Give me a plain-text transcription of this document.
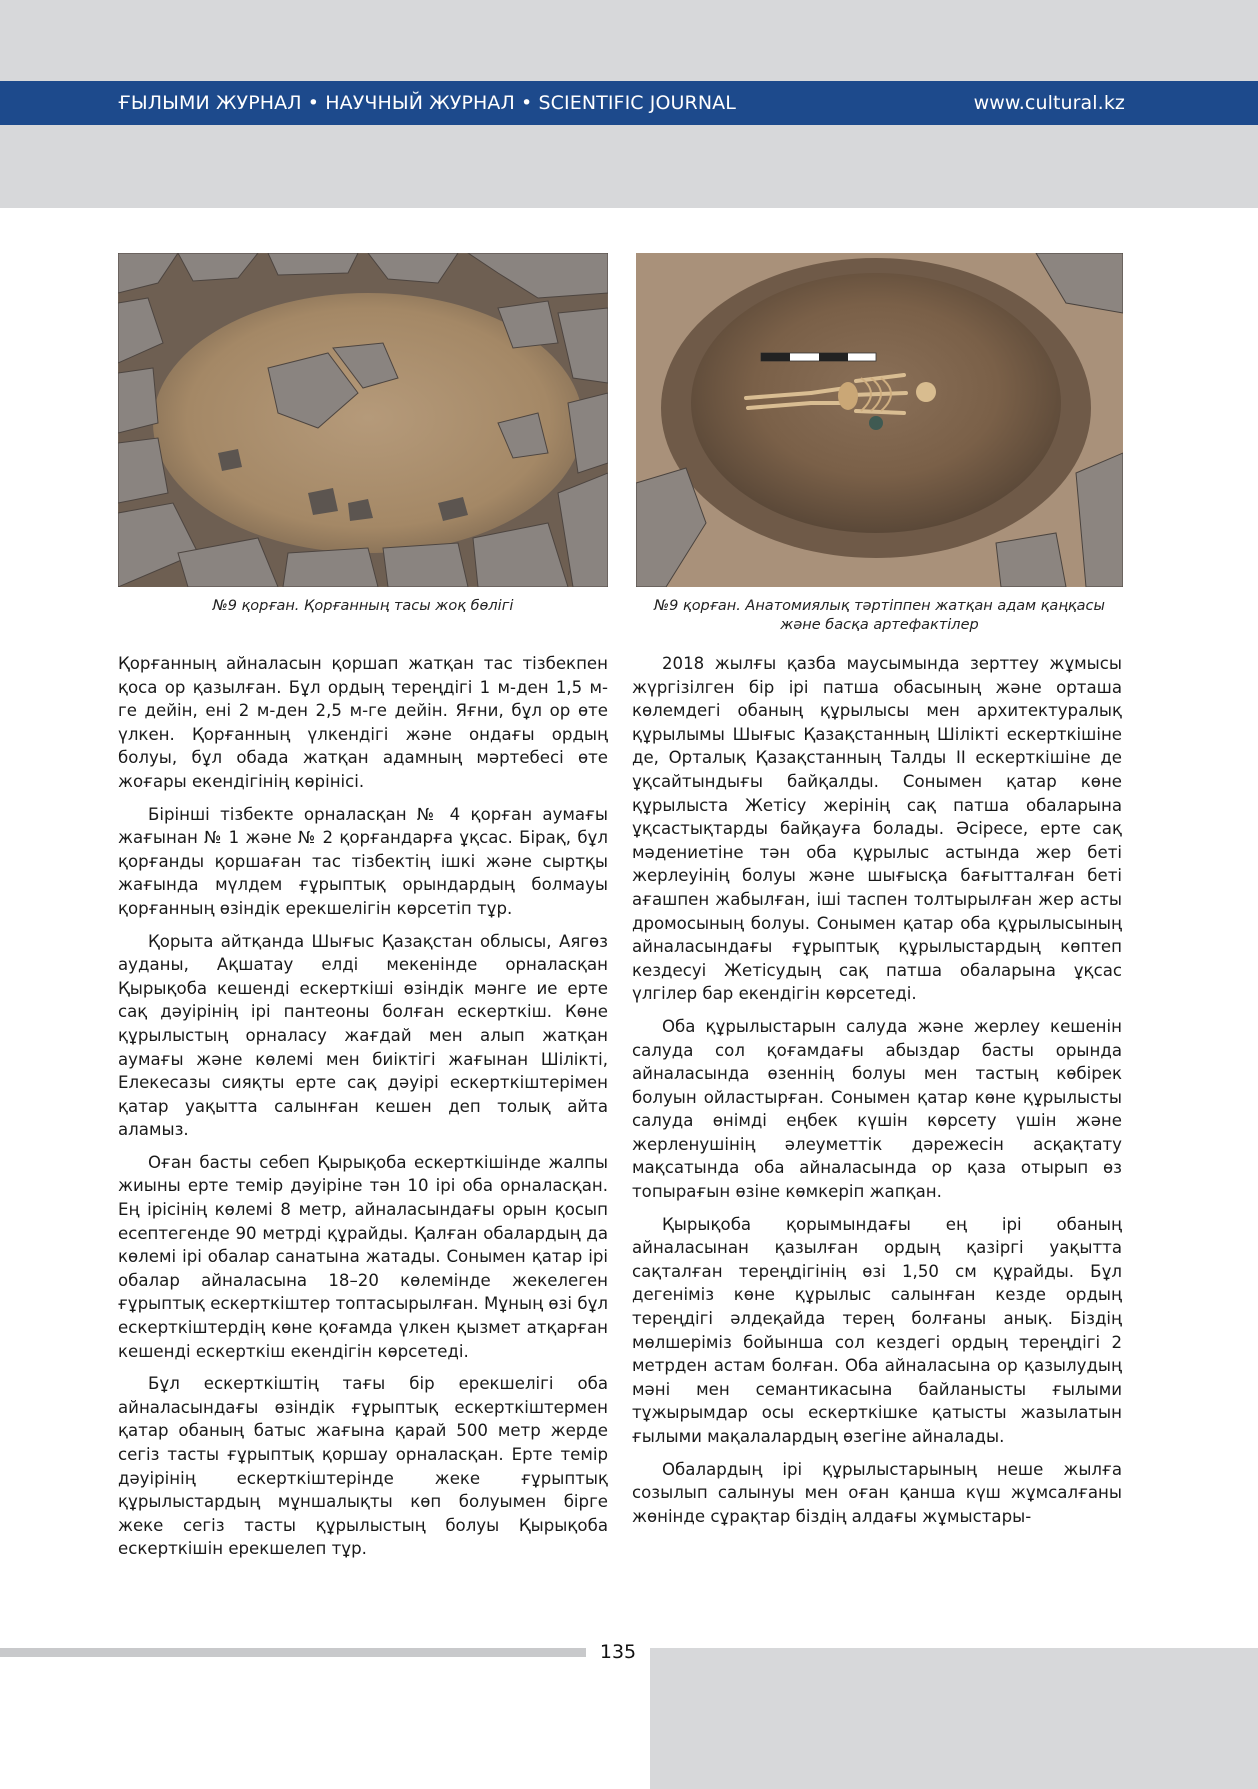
ҒЫЛЫМИ ЖУРНАЛ • НАУЧНЫЙ ЖУРНАЛ • SCIENTIFIC JOURNAL	www.cultural.kz
№9 қорған. Қорғанның тасы жоқ бөлігі	№9 қорған. Анатомиялық тәртіппен жатқан адам қаңқасы және басқа артефактілер

Қорғанның айналасын қоршап жатқан тас тізбекпен қоса ор қазылған. Бұл ордың тереңдігі 1 м-ден 1,5 м-ге дейін, ені 2 м-ден 2,5 м-ге дейін. Яғни, бұл ор өте үлкен. Қорғанның үлкендігі және ондағы ордың болуы, бұл обада жатқан адамның мәртебесі өте жоғары екендігінің көрінісі.

Бірінші тізбекте орналасқан № 4 қорған аумағы жағынан № 1 және № 2 қорғандарға ұқсас. Бірақ, бұл қорғанды қоршаған тас тізбектің ішкі және сыртқы жағында мүлдем ғұрыптық орындардың болмауы қорғанның өзіндік ерекшелігін көрсетіп тұр.

Қорыта айтқанда Шығыс Қазақстан облысы, Аягөз ауданы, Ақшатау елді мекенінде орналасқан Қырықоба кешенді ескерткіші өзіндік мәнге ие ерте сақ дәуірінің ірі пантеоны болған ескерткіш. Көне құрылыстың орналасу жағдай мен алып жатқан аумағы және көлемі мен биіктігі жағынан Шілікті, Елекесазы сияқты ерте сақ дәуірі ескерткіштерімен қатар уақытта салынған кешен деп толық айта аламыз.

Оған басты себеп Қырықоба ескерткішінде жалпы жиыны ерте темір дәуіріне тән 10 ірі оба орналасқан. Ең ірісінің көлемі 8 метр, айналасындағы орын қосып есептегенде 90 метрді құрайды. Қалған обалардың да көлемі ірі обалар санатына жатады. Сонымен қатар ірі обалар айналасына 18–20 көлемінде жекелеген ғұрыптық ескерткіштер топтасырылған. Мұның өзі бұл ескерткіштердің көне қоғамда үлкен қызмет атқарған кешенді ескерткіш екендігін көрсетеді.

Бұл ескерткіштің тағы бір ерекшелігі оба айналасындағы өзіндік ғұрыптық ескерткіштермен қатар обаның батыс жағына қарай 500 метр жерде сегіз тасты ғұрыптық қоршау орналасқан. Ерте темір дәуірінің ескерткіштерінде жеке ғұрыптық құрылыстардың мұншалықты көп болуымен бірге жеке сегіз тасты құрылыстың болуы Қырықоба ескерткішін ерекшелеп тұр.

2018 жылғы қазба маусымында зерттеу жұмысы жүргізілген бір ірі патша обасының және орташа көлемдегі обаның құрылысы мен архитектуралық құрылымы Шығыс Қазақстанның Шілікті ескерткішіне де, Орталық Қазақстанның Талды II ескерткішіне де ұқсайтындығы байқалды. Сонымен қатар көне құрылыста Жетісу жерінің сақ патша обаларына ұқсастықтарды байқауға болады. Әсіресе, ерте сақ мәдениетіне тән оба құрылыс астында жер беті жерлеуінің болуы және шығысқа бағытталған беті ағашпен жабылған, іші таспен толтырылған жер асты дромосының болуы. Сонымен қатар оба құрылысының айналасындағы ғұрыптық құрылыстардың көптеп кездесуі Жетісудың сақ патша обаларына ұқсас үлгілер бар екендігін көрсетеді.

Оба құрылыстарын салуда және жерлеу кешенін салуда сол қоғамдағы абыздар басты орында айналасында өзеннің болуы мен тастың көбірек болуын ойластырған. Сонымен қатар көне құрылысты салуда өнімді еңбек күшін көрсету үшін және жерленушінің әлеуметтік дәрежесін асқақтату мақсатында оба айналасында ор қаза отырып өз топырағын өзіне көмкеріп жапқан.

Қырықоба қорымындағы ең ірі обаның айналасынан қазылған ордың қазіргі уақытта сақталған тереңдігінің өзі 1,50 см құрайды. Бұл дегеніміз көне құрылыс салынған кезде ордың тереңдігі әлдеқайда терең болғаны анық. Біздің мөлшеріміз бойынша сол кездегі ордың тереңдігі 2 метрден астам болған. Оба айналасына ор қазылудың мәні мен семантикасына байланысты ғылыми тұжырымдар осы ескерткішке қатысты жазылатын ғылыми мақалалардың өзегіне айналады.

Обалардың ірі құрылыстарының неше жылға созылып салынуы мен оған қанша күш жұмсалғаны жөнінде сұрақтар біздің алдағы жұмыстары-

135
